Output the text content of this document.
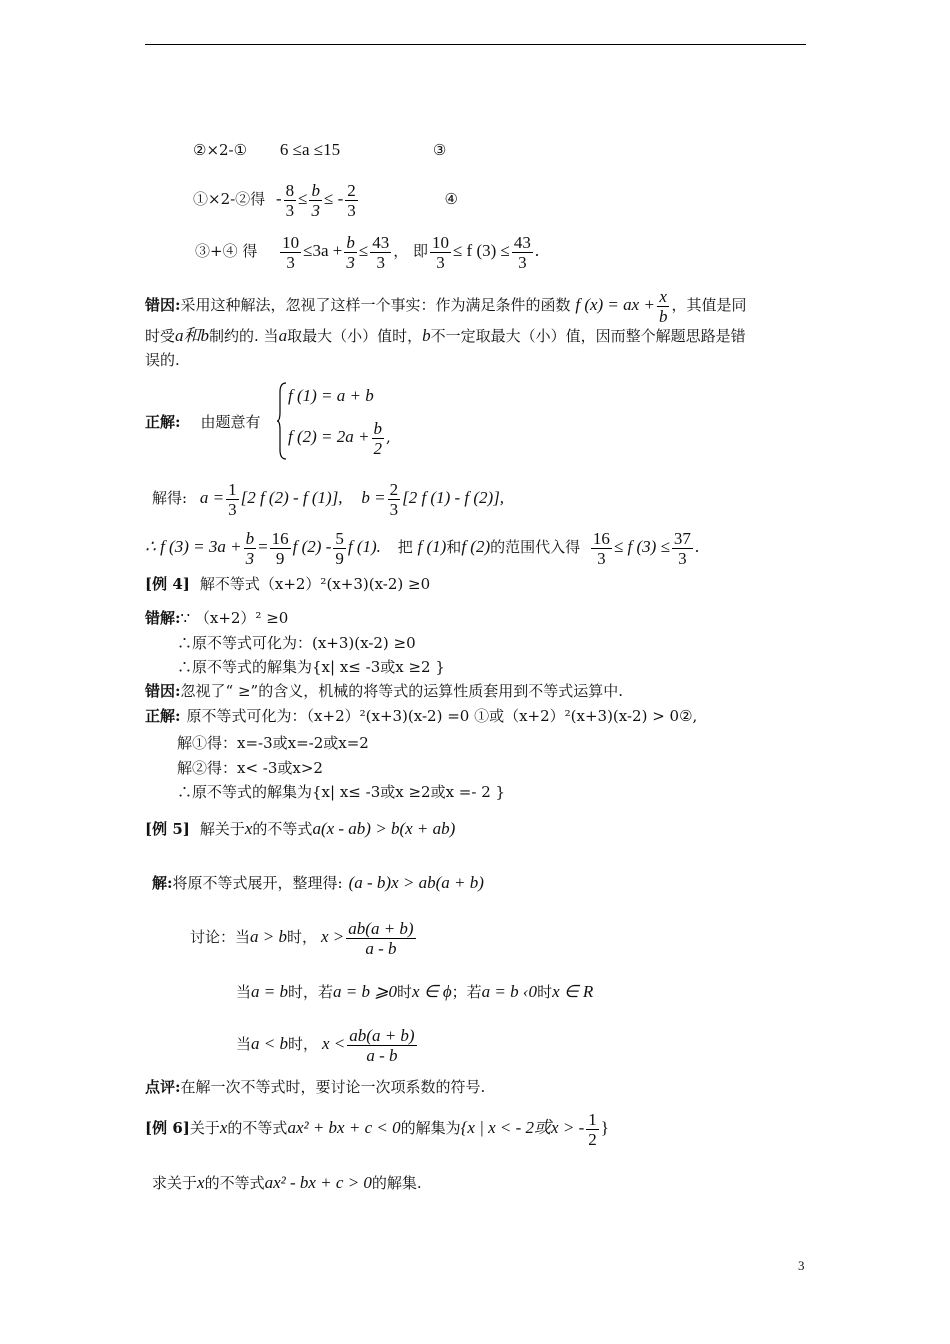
②×2-① 6 ≤a ≤15	③
①×2-②得 - $\frac{8}{3} \le \frac{b}{3}$ ≤ - $\frac{2}{3}$	④
③+④ 得 $\frac{10}{3} \le 3a + \frac{b}{3} \le \frac{43}{3}$ ， 即 $\frac{10}{3} \le f$ $(3) \le \frac{43}{3}$ .
错因:采用这种解法，忽视了这样一个事实：作为满足条件的函数 f (x) = ax + $\frac{x}{b}$ ，其值是同
时受a和b制约的. 当a取最大（小）值时，b不一定取最大（小）值，因而整个解题思路是错
误的.
正解: 由题意有
f (1) = a + b
f $(2) = 2a + \frac{b}{2}$ ,
解得: $a = \frac{1}{3} [2$ f (2) - f (1)], $b = \frac{2}{3} [2$ f (1) - f (2)],
∴ f $(3) = 3a + \frac{b}{3} = \frac{16}{9}$ f $(2) - \frac{5}{9}$ f (1). 把 f (1)和f (2)的范围代入得 $\frac{16}{3} \le f$ $(3) \le \frac{37}{3}$ .
[例 4] 解不等式（x+2）²(x+3)(x-2) ≥0
错解:∵ （x+2）² ≥0
∴原不等式可化为：(x+3)(x-2) ≥0
∴原不等式的解集为{x| x≤ -3或x ≥2 }
错因:忽视了“ ≥”的含义，机械的将等式的运算性质套用到不等式运算中.
正解: 原不等式可化为：（x+2）²(x+3)(x-2) =0 ①或（x+2）²(x+3)(x-2) > 0②,
解①得：x=-3或x=-2或x=2
解②得：x< -3或x>2
∴原不等式的解集为{x| x≤ -3或x ≥2或x =- 2 }
[例 5] 解关于x的不等式a(x - ab) > b(x + ab)
解:将原不等式展开，整理得: (a - b)x > ab(a + b)
讨论：当a > b时， $x > \frac{ab(a + b)}{a - b}$
当a = b时，若a = b ⩾0时x ∈ ϕ；若a = b ‹0时x ∈ R
当a < b时， $x < \frac{ab(a + b)}{a - b}$
点评:在解一次不等式时，要讨论一次项系数的符号.
[例 6]关于x的不等式ax² + bx + c < 0的解集为{x | x < - 2或x > - $\frac{1}{2}$ }
求关于x的不等式ax² - bx + c > 0的解集.
3
